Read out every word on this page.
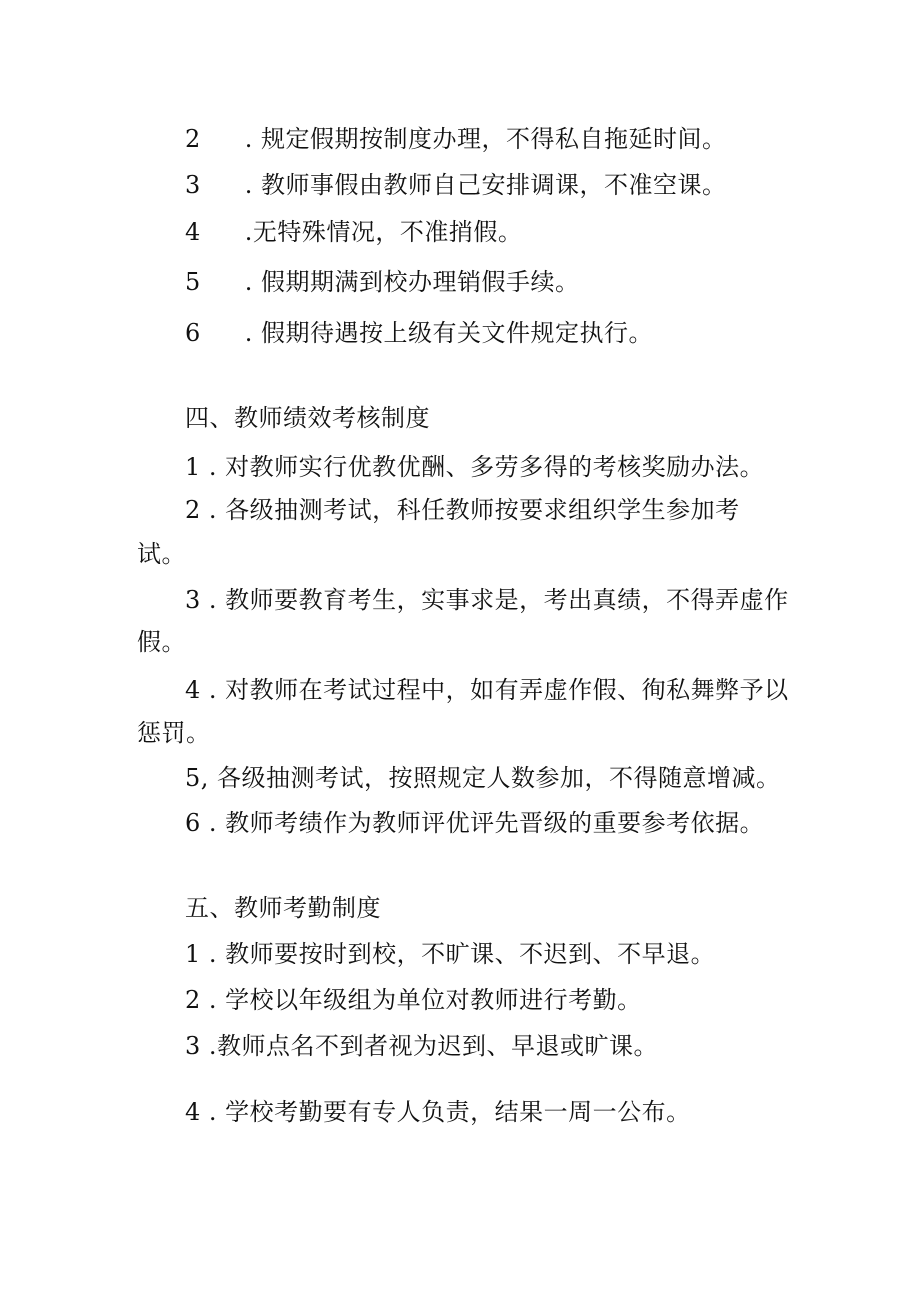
2 . 规定假期按制度办理，不得私自拖延时间。
3 . 教师事假由教师自己安排调课，不准空课。
4 .无特殊情况，不准捎假。
5 . 假期期满到校办理销假手续。
6 . 假期待遇按上级有关文件规定执行。
四、教师绩效考核制度
1 . 对教师实行优教优酬、多劳多得的考核奖励办法。
2 . 各级抽测考试，科任教师按要求组织学生参加考
试。
3 . 教师要教育考生，实事求是，考出真绩，不得弄虚作
假。
4 . 对教师在考试过程中，如有弄虚作假、徇私舞弊予以
惩罚。
5, 各级抽测考试，按照规定人数参加，不得随意增减。
6 . 教师考绩作为教师评优评先晋级的重要参考依据。
五、教师考勤制度
1 . 教师要按时到校，不旷课、不迟到、不早退。
2 . 学校以年级组为单位对教师进行考勤。
3 .教师点名不到者视为迟到、早退或旷课。
4 . 学校考勤要有专人负责，结果一周一公布。
